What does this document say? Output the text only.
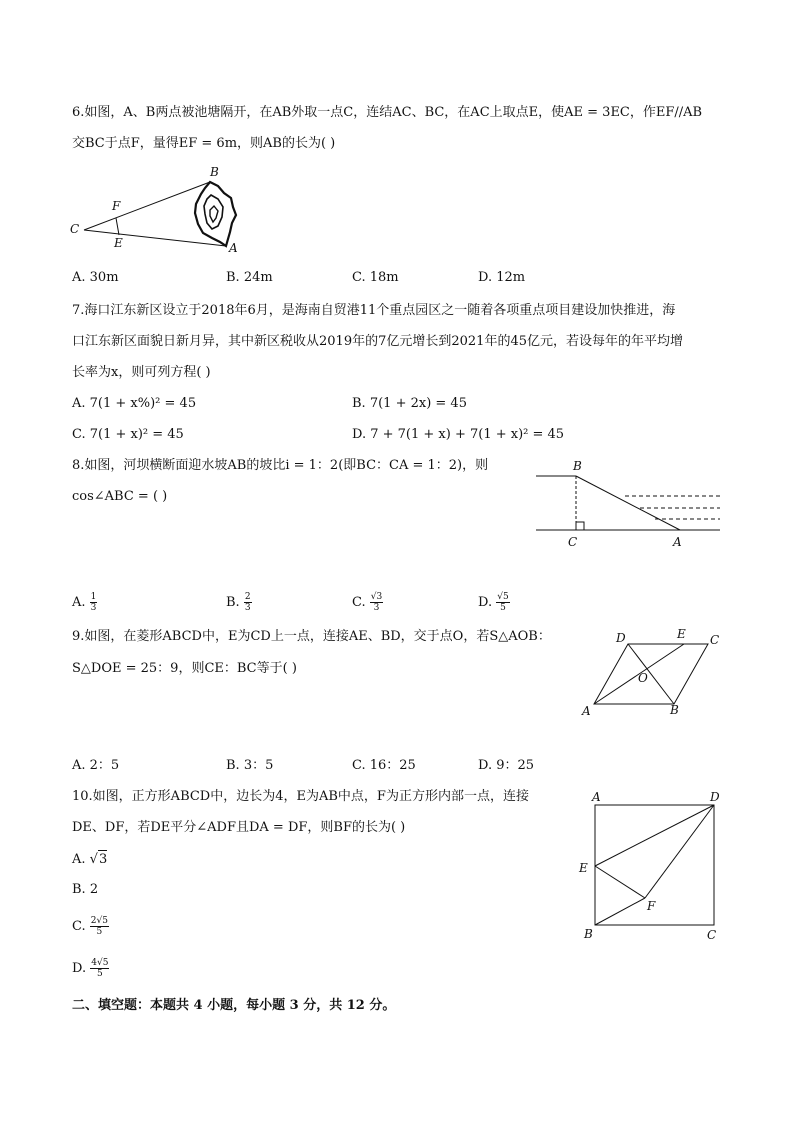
6.如图，A、B两点被池塘隔开，在AB外取一点C，连结AC、BC，在AC上取点E，使AE = 3EC，作EF//AB
交BC于点F，量得EF = 6m，则AB的长为( )
B
F
C
E	A
A. 30m	B. 24m	C. 18m	D. 12m
7.海口江东新区设立于2018年6月，是海南自贸港11个重点园区之一随着各项重点项目建设加快推进，海
口江东新区面貌日新月异，其中新区税收从2019年的7亿元增长到2021年的45亿元，若设每年的年平均增
长率为x，则可列方程( )
A. 7(1 + x%)² = 45	B. 7(1 + 2x) = 45
C. 7(1 + x)² = 45	D. 7 + 7(1 + x) + 7(1 + x)² = 45
8.如图，河坝横断面迎水坡AB的坡比i = 1：2(即BC：CA = 1：2)，则
cos∠ABC = ( )
B
C	A
A. $\frac{1}{3}$	B. $\frac{2}{3}$	C. $\frac{√3}{3}$	D. $\frac{√5}{5}$
9.如图，在菱形ABCD中，E为CD上一点，连接AE、BD，交于点O，若S△AOB：
S△DOE = 25：9，则CE：BC等于( )
D	E C
O
A	B
A. 2：5	B. 3：5	C. 16：25	D. 9：25
10.如图，正方形ABCD中，边长为4，E为AB中点，F为正方形内部一点，连接
DE、DF，若DE平分∠ADF且DA = DF，则BF的长为( )
A	D
E
F
B	C
A. √3
B. 2
C. $\frac{2√5}{5}$
D. $\frac{4√5}{5}$
二、填空题：本题共 4 小题，每小题 3 分，共 12 分。
